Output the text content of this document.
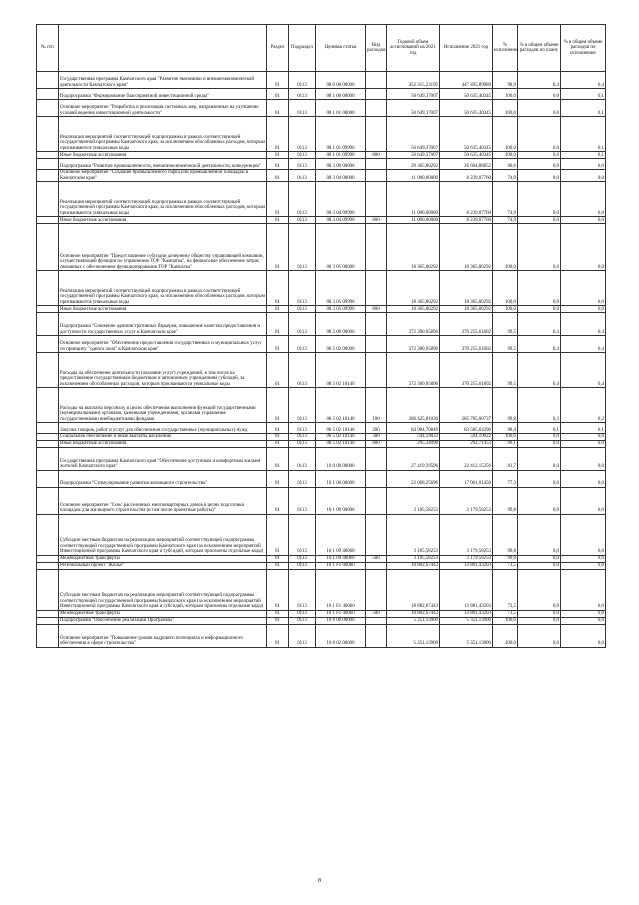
№ п/п		Раздел	Подраздел	Целевая статья	Вид расходов	Годовой объем ассигнований на 2021 год	Исполнение 2021 год	% исполнения	% в общем объеме расходов по плану	% в общем объеме расходов по исполнению
	Государственная программа Камчатского края "Развитие экономики и внешнеэкономической деятельности Камчатского края"	01	0113	08 0 00 00000		452 315,23195	447 495,89989	98,9	0,4	0,4
	Подпрограмма "Формирование благоприятной инвестиционной среды"	01	0113	08 1 00 00000		50 649,37007	50 635,40345	100,0	0,0	0,1
	Основное мероприятие "Разработка и реализация системных мер, направленных на улучшение условий ведения инвестиционной деятельности"	01	0113	08 1 01 00000		50 649,37007	50 635,40345	100,0	0,0	0,1
	Реализация мероприятий соответствующей подпрограммы в рамках соответствующей государственной программы Камчатского края, за исключением обособленных расходов, которым присваиваются уникальные коды	01	0113	08 1 01 09990		50 649,37007	50 635,40345	100,0	0,0	0,1
	Иные бюджетные ассигнования	01	0113	08 1 01 09990	800	50 649,37007	50 635,40345	100,0	0,0	0,1
	Подпрограмма "Развитие промышленности, внешнеэкономической деятельности, конкуренции"	01	0113	08 3 00 00000		29 365,80292	26 604,88052	90,6	0,0	0,0
	Основное мероприятие "Создание промышленного парка или промышленной площадки в Камчатском крае"	01	0113	08 3 04 00000		11 000,00000	8 239,07760	74,9	0,0	0,0
	Реализация мероприятий соответствующей подпрограммы в рамках соответствующей государственной программы Камчатского края, за исключением обособленных расходов, которым присваиваются уникальные коды	01	0113	08 3 04 09990		11 000,00000	8 239,07760	74,9	0,0	0,0
	Иные бюджетные ассигнования	01	0113	08 3 04 09990	800	11 000,00000	8 239,07760	74,9	0,0	0,0
	Основное мероприятие "Предоставление субсидии дочернему обществу управляющей компании, осуществляющей функции по управлению ТОР "Камчатка", на финансовое обеспечение затрат, связанных с обеспечением функционирования ТОР "Камчатка"	01	0113	08 3 05 00000		18 365,80292	18 365,80292	100,0	0,0	0,0
	Реализация мероприятий соответствующей подпрограммы в рамках соответствующей государственной программы Камчатского края, за исключением обособленных расходов, которым присваиваются уникальные коды	01	0113	08 3 05 09990		18 365,80292	18 365,80292	100,0	0,0	0,0
	Иные бюджетные ассигнования	01	0113	08 3 05 09990	800	18 365,80292	18 365,80292	100,0	0,0	0,0
	Подпрограмма "Снижение административных барьеров, повышение качества предоставления и доступности государственных услуг в Камчатском крае"	01	0113	08 5 00 00000		372 300,05896	370 255,61602	99,5	0,4	0,4
	Основное мероприятие "Обеспечение предоставления государственных и муниципальных услуг по принципу "одного окна" в Камчатском крае"	01	0113	08 5 02 00000		372 300,05896	370 255,61602	99,5	0,4	0,4
	Расходы на обеспечение деятельности (оказание услуг) учреждений, в том числе на предоставление государственным бюджетным и автономным учреждениям субсидий, за исключением обособленных расходов, которым присваиваются уникальные коды	01	0113	08 5 02 10140		372 300,05896	370 255,61602	99,5	0,4	0,4
	Расходы на выплаты персоналу в целях обеспечения выполнения функций государственными (муниципальными) органами, казенными учреждениями, органами управления государственными внебюджетными фондами	01	0113	08 5 02 10140	100	286 425,81030	285 785,00737	99,8	0,3	0,3
	Закупка товаров, работ и услуг для обеспечения государственных (муниципальных) нужд	01	0113	08 5 02 10140	200	84 984,70846	83 585,64390	98,4	0,1	0,1
	Социальное обеспечение и иные выплаты населению	01	0113	08 5 02 10140	300	594,19022	594,19022	100,0	0,0	0,0
	Иные бюджетные ассигнования	01	0113	08 5 02 10140	800	295,34998	292,71453	99,1	0,0	0,0
	Государственная программа Камчатского края "Обеспечение доступным и комфортным жильем жителей Камчатского края"	01	0113	10 0 00 00000		27 419,39596	22 412,15356	81,7	0,0	0,0
	Подпрограмма "Стимулирование развития жилищного строительства"	01	0113	10 1 00 00000		22 068,25696	17 061,01456	77,3	0,0	0,0
	Основное мероприятие "Снос расселенных многоквартирных домов в целях подготовки площадок для жилищного строительства (в том числе проектные работы)"	01	0113	10 1 09 00000		3 185,58253	3 179,58253	99,8	0,0	0,0
	Субсидии местным бюджетам на реализацию мероприятий соответствующей подпрограммы соответствующей государственной программы Камчатского края (за исключением мероприятий Инвестиционной программы Камчатского края и субсидий, которым присвоены отдельные коды)	01	0113	10 1 09 40060		3 185,58253	3 179,58253	99,8	0,0	0,0
	Межбюджетные трансферты	01	0113	10 1 09 40060	500	3 185,58253	3 179,58253	99,8	0,0	0,0
	Региональный проект "Жилье"	01	0113	10 1 F1 00000		18 882,67443	13 881,43203	73,5	0,0	0,0
	Субсидии местным бюджетам на реализацию мероприятий соответствующей подпрограммы соответствующей государственной программы Камчатского края (за исключением мероприятий Инвестиционной программы Камчатского края и субсидий, которым присвоены отдельные коды)	01	0113	10 1 F1 40060		18 882,67443	13 881,43203	73,5	0,0	0,0
	Межбюджетные трансферты	01	0113	10 1 F1 40060	500	18 882,67443	13 881,43203	73,5	0,0	0,0
	Подпрограмма "Обеспечение реализации Программы"	01	0113	10 8 00 00000		5 351,13900	5 351,13900	100,0	0,0	0,0
	Основное мероприятие "Повышение уровня кадрового потенциала и информационного обеспечения в сфере строительства"	01	0113	10 8 02 00000		5 351,13900	5 351,13900	100,0	0,0	0,0
8
